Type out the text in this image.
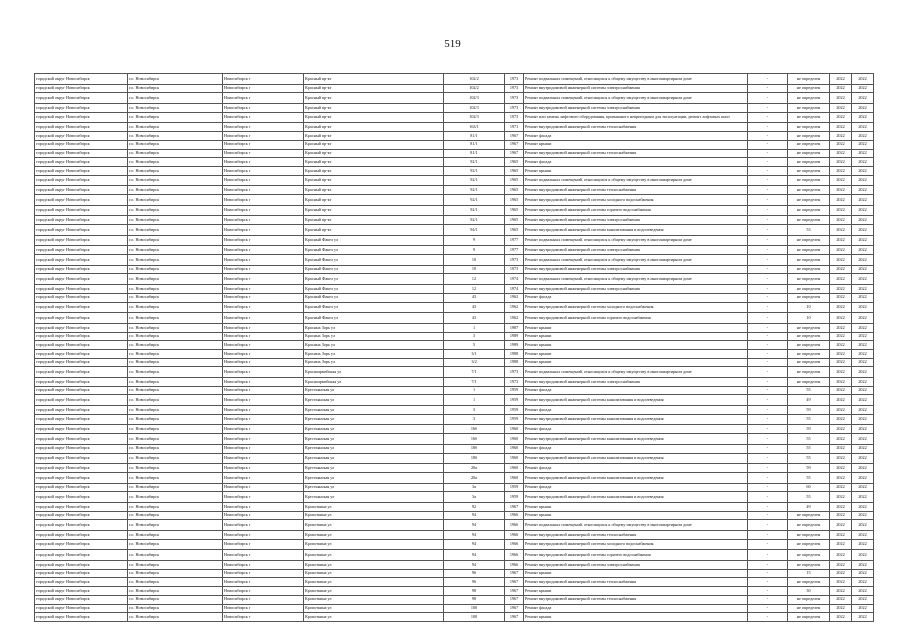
519
городской округ Новосибирск	г.о. Новосибирск	Новосибирск г	Красный пр-кт	102/2	1973	Ремонт подвальных помещений, относящихся к общему имуществу в многоквартирном доме	-	не определен	2022	2022
городской округ Новосибирск	г.о. Новосибирск	Новосибирск г	Красный пр-кт	102/2	1973	Ремонт внутридомовой инженерной системы электроснабжения	-	не определен	2022	2022
городской округ Новосибирск	г.о. Новосибирск	Новосибирск г	Красный пр-кт	102/3	1973	Ремонт подвальных помещений, относящихся к общему имуществу в многоквартирном доме	-	не определен	2022	2022
городской округ Новосибирск	г.о. Новосибирск	Новосибирск г	Красный пр-кт	102/3	1973	Ремонт внутридомовой инженерной системы электроснабжения	-	не определен	2022	2022
городской округ Новосибирск	г.о. Новосибирск	Новосибирск г	Красный пр-кт	102/3	1973	Ремонт или замена лифтового оборудования, признанного непригодным для эксплуатации, ремонт лифтовых шахт	-	не определен	2022	2022
городской округ Новосибирск	г.о. Новосибирск	Новосибирск г	Красный пр-кт	163/1	1971	Ремонт внутридомовой инженерной системы теплоснабжения	-	не определен	2022	2022
городской округ Новосибирск	г.о. Новосибирск	Новосибирск г	Красный пр-кт	81/1	1967	Ремонт фасада	-	не определен	2022	2022
городской округ Новосибирск	г.о. Новосибирск	Новосибирск г	Красный пр-кт	81/1	1967	Ремонт крыши	-	не определен	2022	2022
городской округ Новосибирск	г.о. Новосибирск	Новосибирск г	Красный пр-кт	81/1	1967	Ремонт внутридомовой инженерной системы теплоснабжения	-	не определен	2022	2022
городской округ Новосибирск	г.о. Новосибирск	Новосибирск г	Красный пр-кт	92/1	1965	Ремонт фасада	-	не определен	2022	2022
городской округ Новосибирск	г.о. Новосибирск	Новосибирск г	Красный пр-кт	92/1	1965	Ремонт крыши	-	не определен	2022	2022
городской округ Новосибирск	г.о. Новосибирск	Новосибирск г	Красный пр-кт	92/1	1965	Ремонт подвальных помещений, относящихся к общему имуществу в многоквартирном доме	-	не определен	2022	2022
городской округ Новосибирск	г.о. Новосибирск	Новосибирск г	Красный пр-кт	92/1	1965	Ремонт внутридомовой инженерной системы теплоснабжения	-	не определен	2022	2022
городской округ Новосибирск	г.о. Новосибирск	Новосибирск г	Красный пр-кт	92/1	1965	Ремонт внутридомовой инженерной системы холодного водоснабжения	-	не определен	2022	2022
городской округ Новосибирск	г.о. Новосибирск	Новосибирск г	Красный пр-кт	92/1	1965	Ремонт внутридомовой инженерной системы горячего водоснабжения	-	не определен	2022	2022
городской округ Новосибирск	г.о. Новосибирск	Новосибирск г	Красный пр-кт	92/1	1965	Ремонт внутридомовой инженерной системы электроснабжения	-	не определен	2022	2022
городской округ Новосибирск	г.о. Новосибирск	Новосибирск г	Красный пр-кт	94/1	1965	Ремонт внутридомовой инженерной системы канализования и водоотведения	-	53	2022	2022
городской округ Новосибирск	г.о. Новосибирск	Новосибирск г	Красный Факел ул	9	1977	Ремонт подвальных помещений, относящихся к общему имуществу в многоквартирном доме	-	не определен	2022	2022
городской округ Новосибирск	г.о. Новосибирск	Новосибирск г	Красный Факел ул	9	1977	Ремонт внутридомовой инженерной системы электроснабжения	-	не определен	2022	2022
городской округ Новосибирск	г.о. Новосибирск	Новосибирск г	Красный Факел ул	10	1973	Ремонт подвальных помещений, относящихся к общему имуществу в многоквартирном доме	-	не определен	2022	2022
городской округ Новосибирск	г.о. Новосибирск	Новосибирск г	Красный Факел ул	10	1973	Ремонт внутридомовой инженерной системы электроснабжения	-	не определен	2022	2022
городской округ Новосибирск	г.о. Новосибирск	Новосибирск г	Красный Факел ул	12	1974	Ремонт подвальных помещений, относящихся к общему имуществу в многоквартирном доме	-	не определен	2022	2022
городской округ Новосибирск	г.о. Новосибирск	Новосибирск г	Красный Факел ул	12	1974	Ремонт внутридомовой инженерной системы электроснабжения	-	не определен	2022	2022
городской округ Новосибирск	г.о. Новосибирск	Новосибирск г	Красный Факел ул	43	1962	Ремонт фасада	-	не определен	2022	2022
городской округ Новосибирск	г.о. Новосибирск	Новосибирск г	Красный Факел ул	43	1962	Ремонт внутридомовой инженерной системы холодного водоснабжения	-	10	2022	2022
городской округ Новосибирск	г.о. Новосибирск	Новосибирск г	Красный Факел ул	43	1962	Ремонт внутридомовой инженерной системы горячего водоснабжения	-	10	2022	2022
городской округ Новосибирск	г.о. Новосибирск	Новосибирск г	Красных Зорь ул	1	1987	Ремонт крыши	-	не определен	2022	2022
городской округ Новосибирск	г.о. Новосибирск	Новосибирск г	Красных Зорь ул	3	1989	Ремонт крыши	-	не определен	2022	2022
городской округ Новосибирск	г.о. Новосибирск	Новосибирск г	Красных Зорь ул	5	1989	Ремонт крыши	-	не определен	2022	2022
городской округ Новосибирск	г.о. Новосибирск	Новосибирск г	Красных Зорь ул	3/1	1988	Ремонт крыши	-	не определен	2022	2022
городской округ Новосибирск	г.о. Новосибирск	Новосибирск г	Красных Зорь ул	3/2	1988	Ремонт крыши	-	не определен	2022	2022
городской округ Новосибирск	г.о. Новосибирск	Новосибирск г	Красноармейская ул	7/1	1973	Ремонт подвальных помещений, относящихся к общему имуществу в многоквартирном доме	-	не определен	2022	2022
городской округ Новосибирск	г.о. Новосибирск	Новосибирск г	Красноармейская ул	7/1	1973	Ремонт внутридомовой инженерной системы электроснабжения	-	не определен	2022	2022
городской округ Новосибирск	г.о. Новосибирск	Новосибирск г	Крестьянская ул	1	1959	Ремонт фасада	-	55	2022	2022
городской округ Новосибирск	г.о. Новосибирск	Новосибирск г	Крестьянская ул	1	1959	Ремонт внутридомовой инженерной системы канализования и водоотведения	-	49	2022	2022
городской округ Новосибирск	г.о. Новосибирск	Новосибирск г	Крестьянская ул	3	1959	Ремонт фасада	-	59	2022	2022
городской округ Новосибирск	г.о. Новосибирск	Новосибирск г	Крестьянская ул	3	1959	Ремонт внутридомовой инженерной системы канализования и водоотведения	-	55	2022	2022
городской округ Новосибирск	г.о. Новосибирск	Новосибирск г	Крестьянская ул	16б	1960	Ремонт фасада	-	59	2022	2022
городской округ Новосибирск	г.о. Новосибирск	Новосибирск г	Крестьянская ул	16б	1960	Ремонт внутридомовой инженерной системы канализования и водоотведения	-	55	2022	2022
городской округ Новосибирск	г.о. Новосибирск	Новосибирск г	Крестьянская ул	18б	1960	Ремонт фасада	-	55	2022	2022
городской округ Новосибирск	г.о. Новосибирск	Новосибирск г	Крестьянская ул	18б	1960	Ремонт внутридомовой инженерной системы канализования и водоотведения	-	55	2022	2022
городской округ Новосибирск	г.о. Новосибирск	Новосибирск г	Крестьянская ул	20а	1960	Ремонт фасада	-	59	2022	2022
городской округ Новосибирск	г.о. Новосибирск	Новосибирск г	Крестьянская ул	20а	1960	Ремонт внутридомовой инженерной системы канализования и водоотведения	-	55	2022	2022
городской округ Новосибирск	г.о. Новосибирск	Новосибирск г	Крестьянская ул	3а	1959	Ремонт фасада	-	60	2022	2022
городской округ Новосибирск	г.о. Новосибирск	Новосибирск г	Крестьянская ул	3а	1959	Ремонт внутридомовой инженерной системы канализования и водоотведения	-	55	2022	2022
городской округ Новосибирск	г.о. Новосибирск	Новосибирск г	Кропоткина ул	92	1967	Ремонт крыши	-	49	2022	2022
городской округ Новосибирск	г.о. Новосибирск	Новосибирск г	Кропоткина ул	94	1966	Ремонт крыши	-	не определен	2022	2022
городской округ Новосибирск	г.о. Новосибирск	Новосибирск г	Кропоткина ул	94	1966	Ремонт подвальных помещений, относящихся к общему имуществу в многоквартирном доме	-	не определен	2022	2022
городской округ Новосибирск	г.о. Новосибирск	Новосибирск г	Кропоткина ул	94	1966	Ремонт внутридомовой инженерной системы теплоснабжения	-	не определен	2022	2022
городской округ Новосибирск	г.о. Новосибирск	Новосибирск г	Кропоткина ул	94	1966	Ремонт внутридомовой инженерной системы холодного водоснабжения	-	не определен	2022	2022
городской округ Новосибирск	г.о. Новосибирск	Новосибирск г	Кропоткина ул	94	1966	Ремонт внутридомовой инженерной системы горячего водоснабжения	-	не определен	2022	2022
городской округ Новосибирск	г.о. Новосибирск	Новосибирск г	Кропоткина ул	94	1966	Ремонт внутридомовой инженерной системы электроснабжения	-	не определен	2022	2022
городской округ Новосибирск	г.о. Новосибирск	Новосибирск г	Кропоткина ул	96	1967	Ремонт крыши	-	15	2022	2022
городской округ Новосибирск	г.о. Новосибирск	Новосибирск г	Кропоткина ул	96	1967	Ремонт внутридомовой инженерной системы теплоснабжения	-	не определен	2022	2022
городской округ Новосибирск	г.о. Новосибирск	Новосибирск г	Кропоткина ул	98	1967	Ремонт крыши	-	30	2022	2022
городской округ Новосибирск	г.о. Новосибирск	Новосибирск г	Кропоткина ул	98	1967	Ремонт внутридомовой инженерной системы теплоснабжения	-	не определен	2022	2022
городской округ Новосибирск	г.о. Новосибирск	Новосибирск г	Кропоткина ул	100	1967	Ремонт фасада	-	не определен	2022	2022
городской округ Новосибирск	г.о. Новосибирск	Новосибирск г	Кропоткина ул	100	1967	Ремонт крыши	-	не определен	2022	2022
